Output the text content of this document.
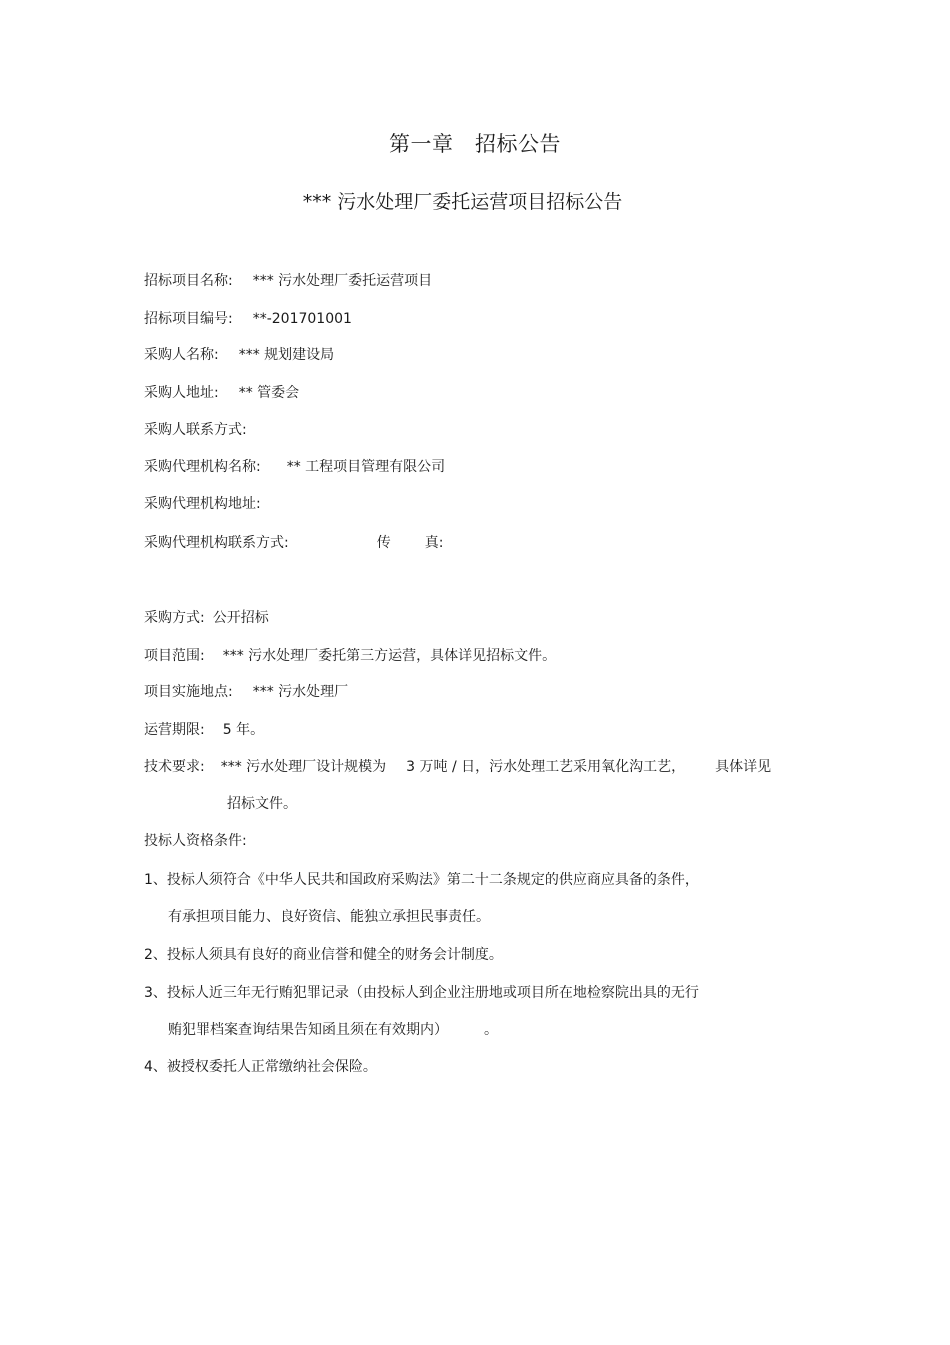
第一章　招标公告
*** 污水处理厂委托运营项目招标公告
招标项目名称: *** 污水处理厂委托运营项目
招标项目编号: **-201701001
采购人名称: *** 规划建设局
采购人地址: ** 管委会
采购人联系方式:
采购代理机构名称: ** 工程项目管理有限公司
采购代理机构地址:
采购代理机构联系方式:	传 真:
采购方式: 公开招标
项目范围: *** 污水处理厂委托第三方运营，具体详见招标文件。
项目实施地点: *** 污水处理厂
运营期限: 5 年。
技术要求: *** 污水处理厂设计规模为 3 万吨 / 日，污水处理工艺采用氧化沟工艺， 具体详见
招标文件。
投标人资格条件:
1、投标人须符合《中华人民共和国政府采购法》第二十二条规定的供应商应具备的条件，
有承担项目能力、良好资信、能独立承担民事责任。
2、投标人须具有良好的商业信誉和健全的财务会计制度。
3、投标人近三年无行贿犯罪记录（由投标人到企业注册地或项目所在地检察院出具的无行
贿犯罪档案查询结果告知函且须在有效期内）	。
4、被授权委托人正常缴纳社会保险。
